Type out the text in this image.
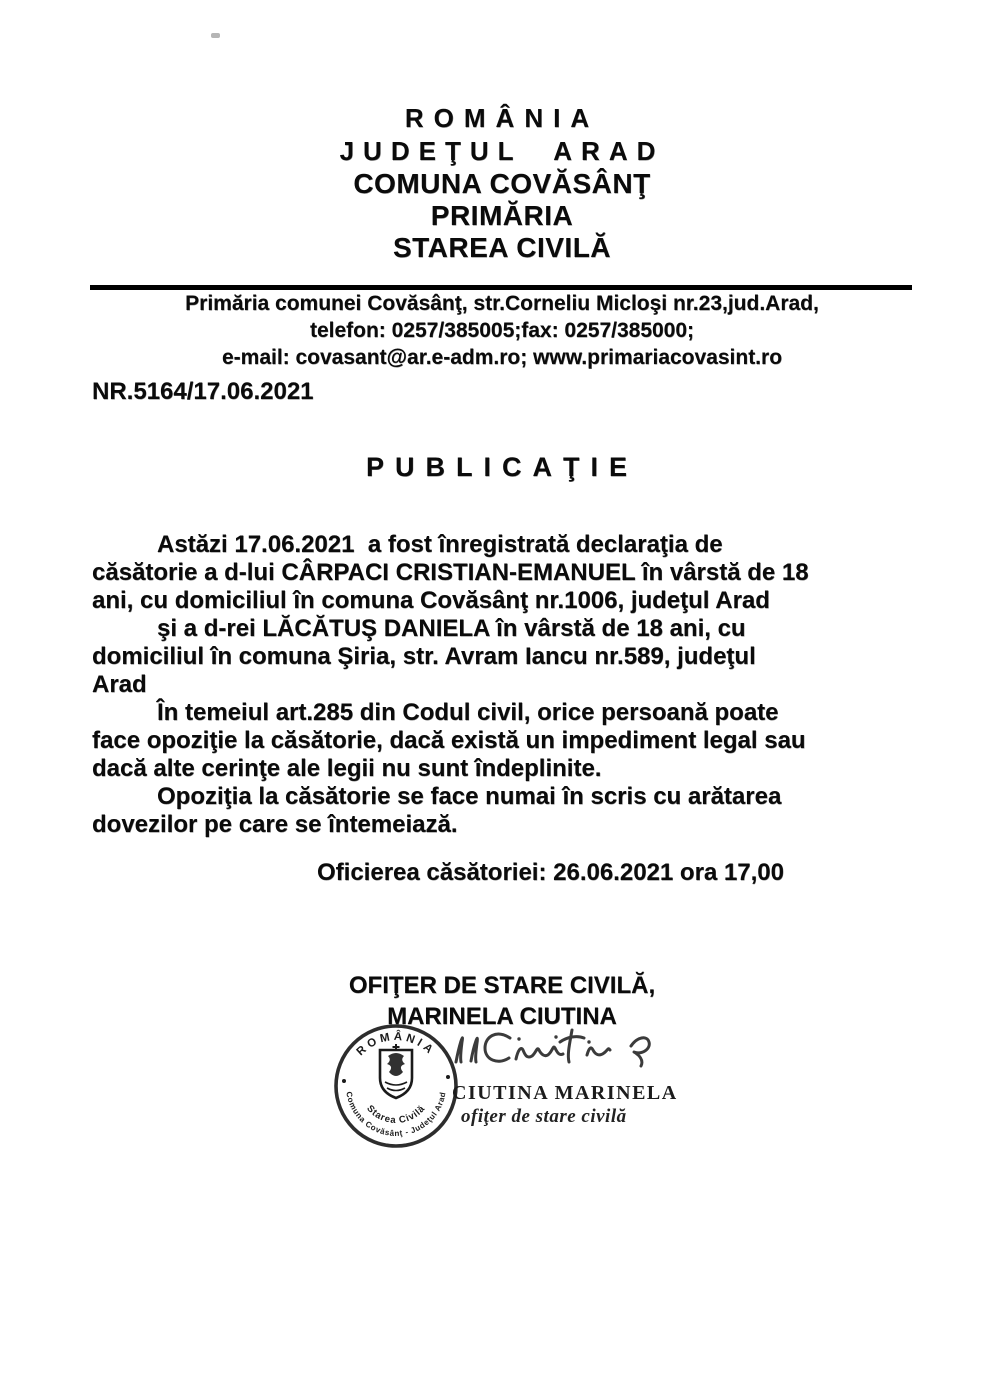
ROMÂNIA
JUDEŢUL ARAD
COMUNA COVĂSÂNŢ
PRIMĂRIA
STAREA CIVILĂ
Primăria comunei Covăsânţ, str.Corneliu Micloşi nr.23,jud.Arad,
telefon: 0257/385005;fax: 0257/385000;
e-mail: covasant@ar.e-adm.ro; www.primariacovasint.ro
NR.5164/17.06.2021
PUBLICAŢIE
Astăzi 17.06.2021  a fost înregistrată declaraţia de
căsătorie a d-lui CÂRPACI CRISTIAN-EMANUEL în vârstă de 18
ani, cu domiciliul în comuna Covăsânţ nr.1006, judeţul Arad
şi a d-rei LĂCĂTUŞ DANIELA în vârstă de 18 ani, cu
domiciliul în comuna Şiria, str. Avram Iancu nr.589, judeţul
Arad
În temeiul art.285 din Codul civil, orice persoană poate
face opoziţie la căsătorie, dacă există un impediment legal sau
dacă alte cerinţe ale legii nu sunt îndeplinite.
Opoziţia la căsătorie se face numai în scris cu arătarea
dovezilor pe care se întemeiază.
Oficierea căsătoriei: 26.06.2021 ora 17,00
OFIŢER DE STARE CIVILĂ,
MARINELA CIUTINA
ROMÂNIA
Comuna Covăsânţ - Judeţul Arad
Starea Civilă
CIUTINA MARINELA
ofiţer de stare civilă
